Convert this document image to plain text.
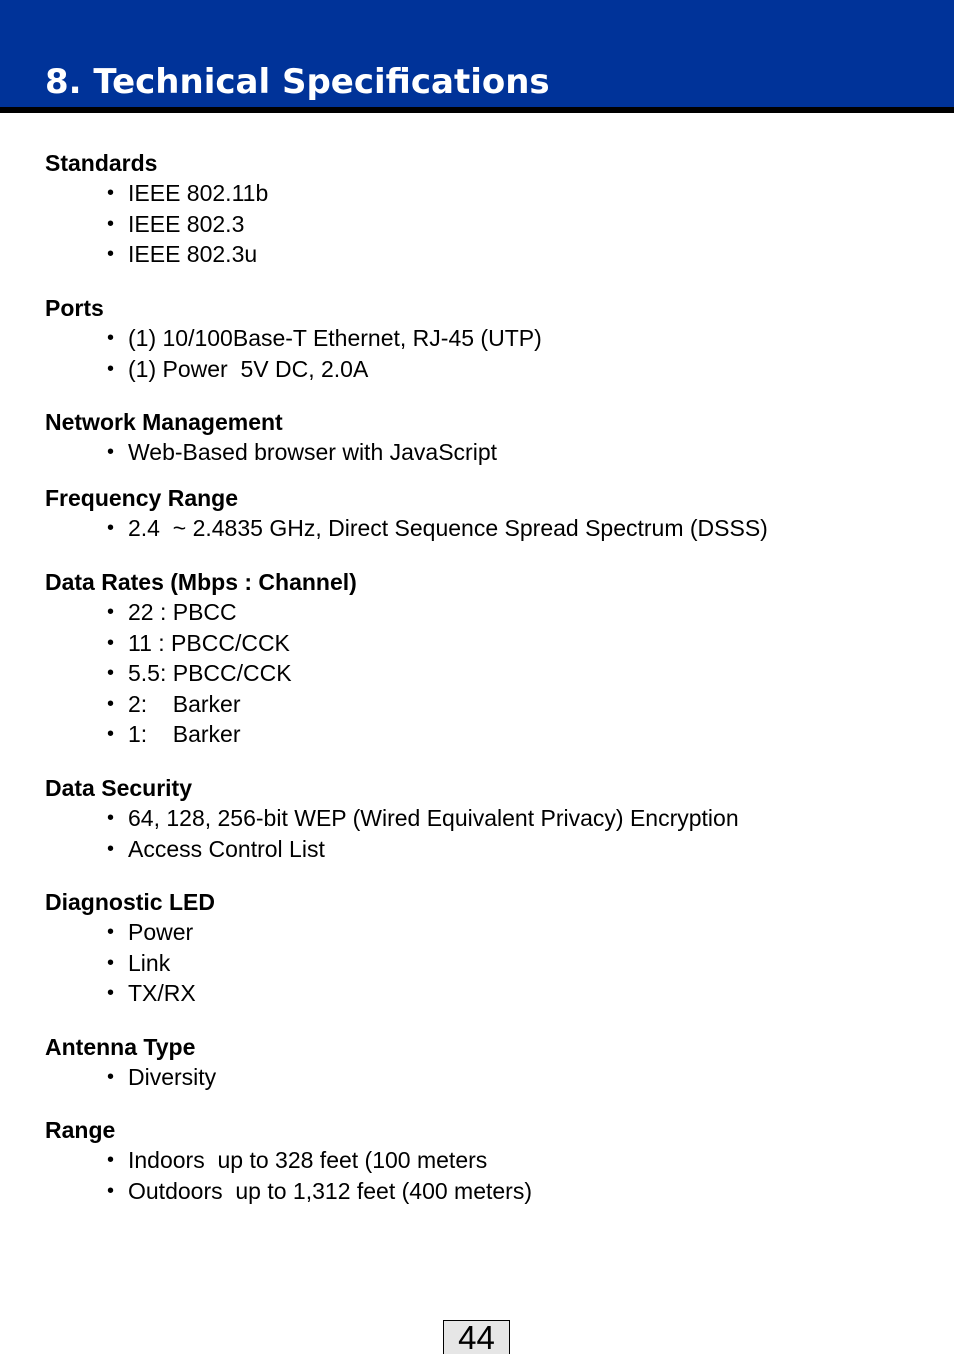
8. Technical Specifications
Standards
• IEEE 802.11b
• IEEE 802.3
• IEEE 802.3u
Ports
• (1) 10/100Base-T Ethernet, RJ-45 (UTP)
• (1) Power  5V DC, 2.0A
Network Management
• Web-Based browser with JavaScript
Frequency Range
• 2.4  ~ 2.4835 GHz, Direct Sequence Spread Spectrum (DSSS)
Data Rates (Mbps : Channel)
• 22 : PBCC
• 11 : PBCC/CCK
• 5.5: PBCC/CCK
• 2:    Barker
• 1:    Barker
Data Security
• 64, 128, 256-bit WEP (Wired Equivalent Privacy) Encryption
• Access Control List
Diagnostic LED
• Power
• Link
• TX/RX
Antenna Type
• Diversity
Range
• Indoors  up to 328 feet (100 meters
• Outdoors  up to 1,312 feet (400 meters)
44
